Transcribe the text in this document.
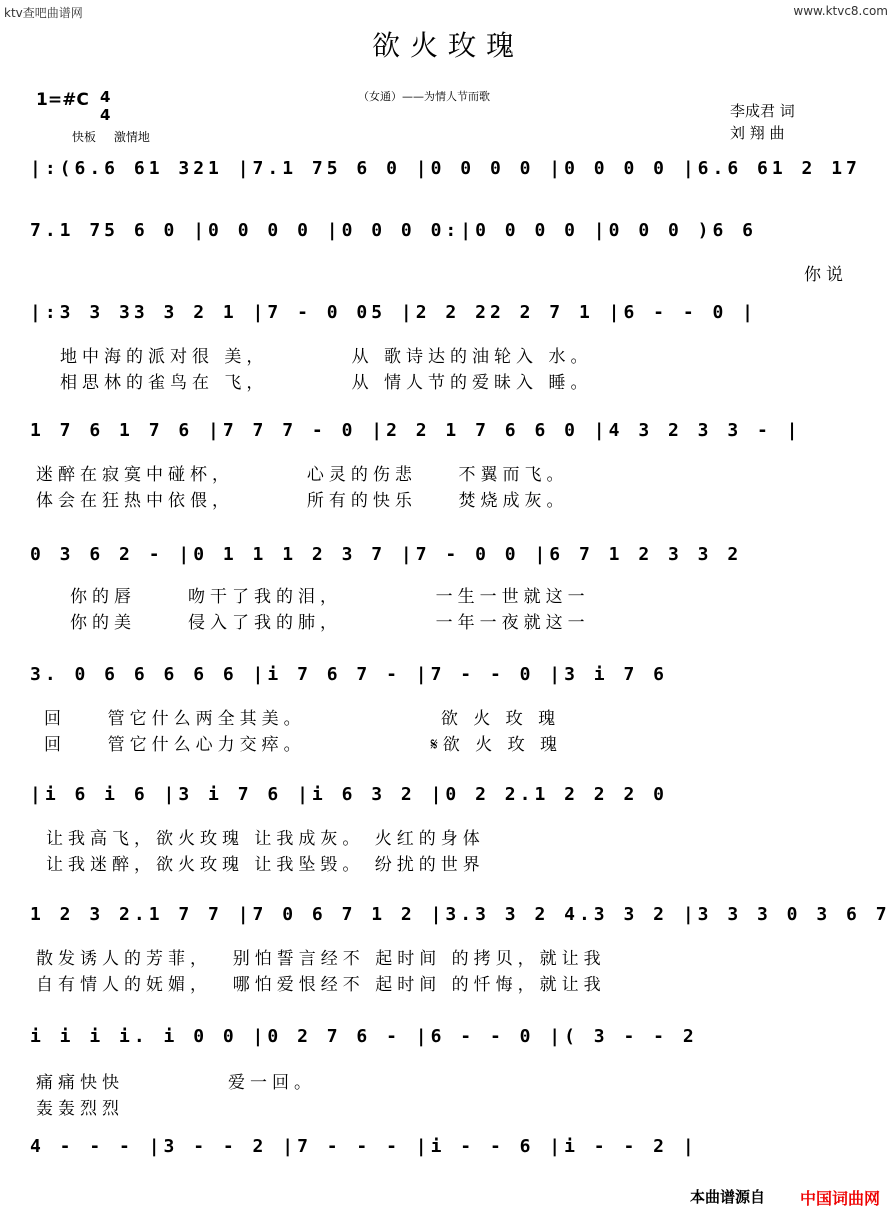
ktv查吧曲谱网	www.ktvc8.com
欲火玫瑰
（女通）——为情人节而歌
1=#C 4
4
快板 激情地
李成君 词
刘 翔 曲
|:(6.6 61 321 |7.1 75 6 0 |0 0 0 0 |0 0 0 0 |6.6 61 2 17
7.1 75 6 0 |0 0 0 0 |0 0 0 0:|0 0 0 0 |0 0 0 )6 6
你说
|:3 3 33 3 2 1 |7 - 0 05 |2 2 22 2 7 1 |6 - - 0 |
地中海的派对很 美，        从 歌诗达的油轮入 水。
相思林的雀鸟在 飞，        从 情人节的爱昧入 睡。
1 7 6 1 7 6 |7 7 7 - 0 |2 2 1 7 6 6 0 |4 3 2 3 3 - |
迷醉在寂寞中碰杯，       心灵的伤悲    不翼而飞。
体会在狂热中依偎，       所有的快乐    焚烧成灰。
0 3 6 2 - |0 1 1 1 2 3 7 |7 - 0 0 |6 7 1 2 3 3 2
你的唇     吻干了我的泪，         一生一世就这一
你的美     侵入了我的肺，         一年一夜就这一
3. 0 6 6 6 6 6 |i 7 6 7 - |7 - - 0 |3 i 7 6
回    管它什么两全其美。             欲 火 玫 瑰
回    管它什么心力交瘁。            𝄋欲 火 玫 瑰
|i 6 i 6 |3 i 7 6 |i 6 3 2 |0 2 2.1 2 2 2 0
让我高飞，欲火玫瑰 让我成灰。 火红的身体
让我迷醉，欲火玫瑰 让我坠毁。 纷扰的世界
1 2 3 2.1 7 7 |7 0 6 7 1 2 |3.3 3 2 4.3 3 2 |3 3 3 0 3 6 7
散发诱人的芳菲，  别怕誓言经不 起时间 的拷贝，就让我
自有情人的妩媚，  哪怕爱恨经不 起时间 的忏悔，就让我
i i i i. i 0 0 |0 2 7 6 - |6 - - 0 |( 3 - - 2
痛痛快快          爱一回。
轰轰烈烈
4 - - - |3 - - 2 |7 - - - |i - - 6 |i - - 2 |
本曲谱源自 中国词曲网
